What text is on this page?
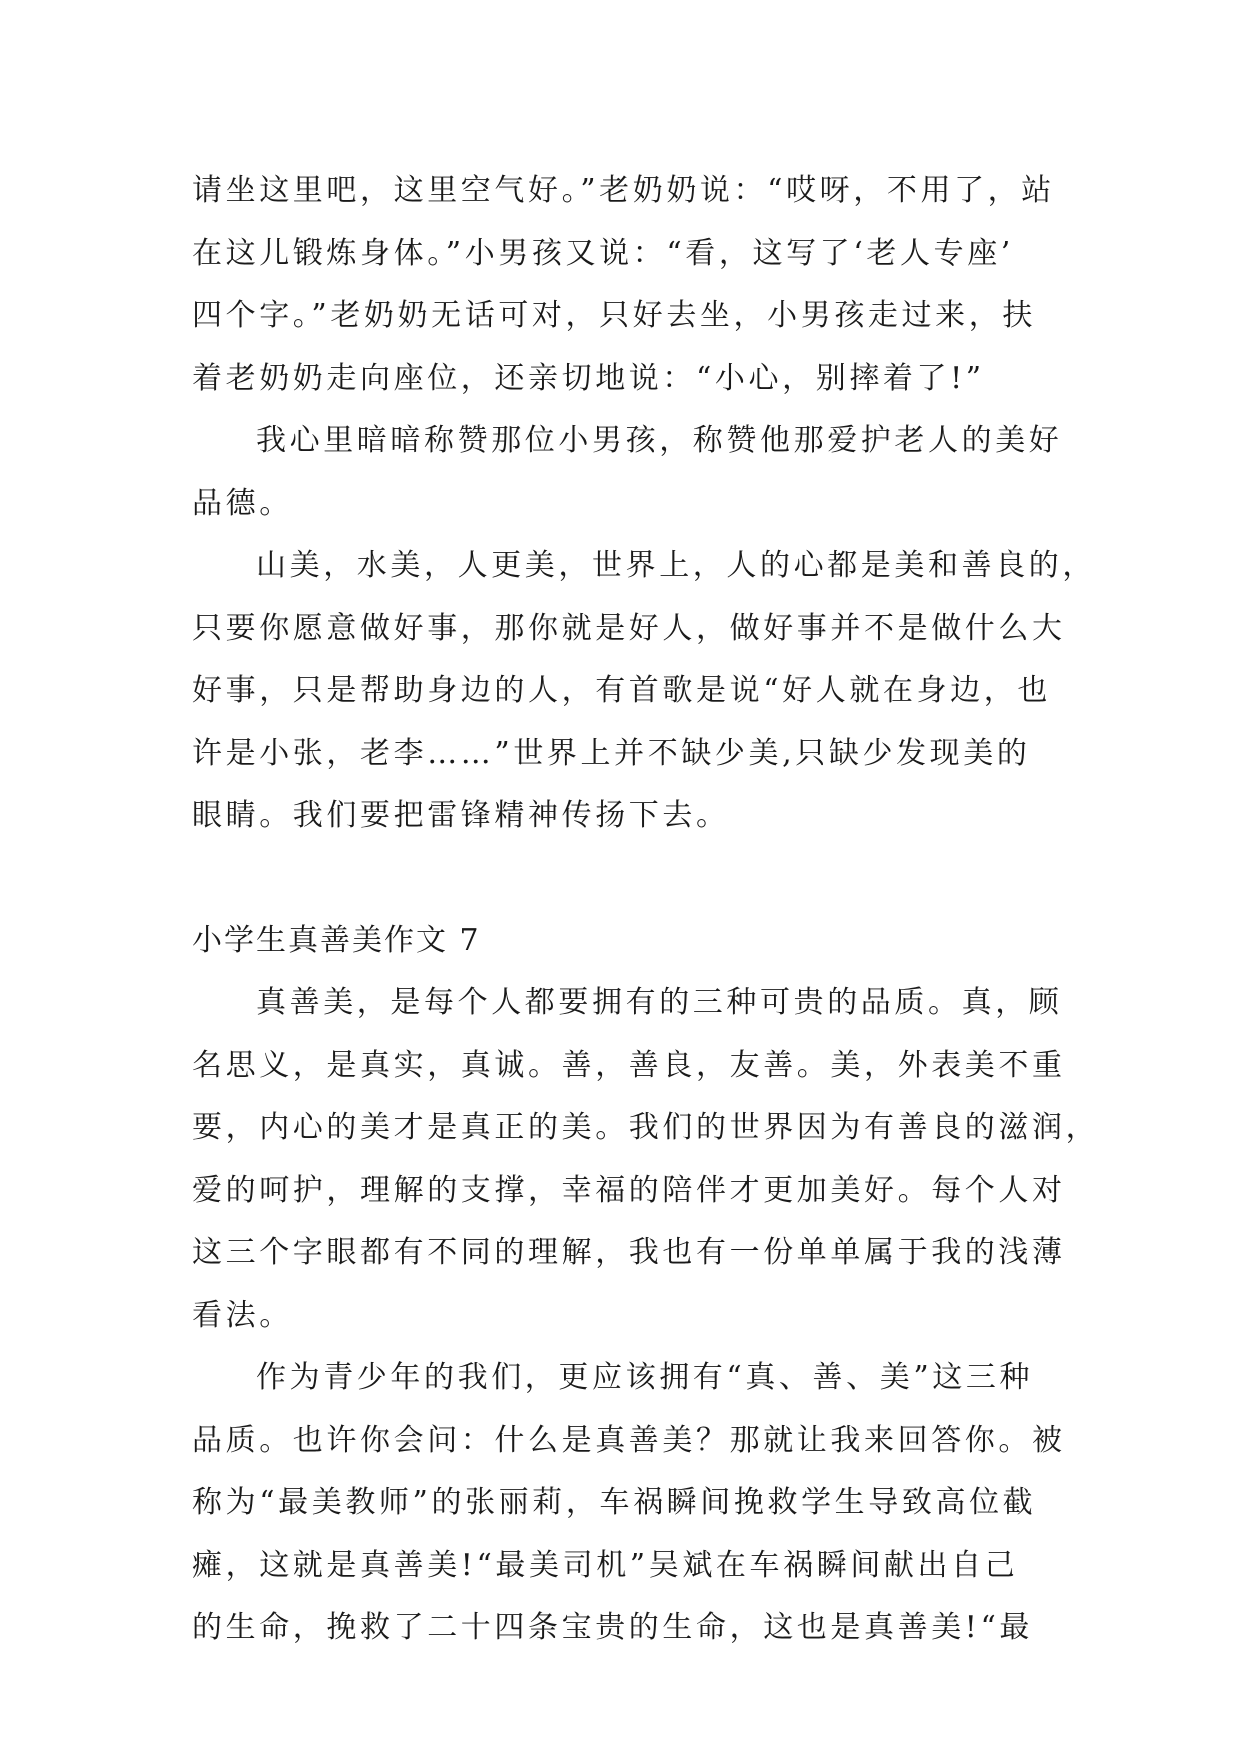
请坐这里吧，这里空气好。”老奶奶说：“哎呀，不用了，站
在这儿锻炼身体。”小男孩又说：“看，这写了‘老人专座’
四个字。”老奶奶无话可对，只好去坐，小男孩走过来，扶
着老奶奶走向座位，还亲切地说：“小心，别摔着了!”
我心里暗暗称赞那位小男孩，称赞他那爱护老人的美好
品德。
山美，水美，人更美，世界上，人的心都是美和善良的，
只要你愿意做好事，那你就是好人，做好事并不是做什么大
好事，只是帮助身边的人，有首歌是说“好人就在身边，也
许是小张，老李……”世界上并不缺少美,只缺少发现美的
眼睛。我们要把雷锋精神传扬下去。
小学生真善美作文 7
真善美，是每个人都要拥有的三种可贵的品质。真，顾
名思义，是真实，真诚。善，善良，友善。美，外表美不重
要，内心的美才是真正的美。我们的世界因为有善良的滋润，
爱的呵护，理解的支撑，幸福的陪伴才更加美好。每个人对
这三个字眼都有不同的理解，我也有一份单单属于我的浅薄
看法。
作为青少年的我们，更应该拥有“真、善、美”这三种
品质。也许你会问：什么是真善美？那就让我来回答你。被
称为“最美教师”的张丽莉，车祸瞬间挽救学生导致高位截
瘫，这就是真善美!“最美司机”吴斌在车祸瞬间献出自己
的生命，挽救了二十四条宝贵的生命，这也是真善美!“最
